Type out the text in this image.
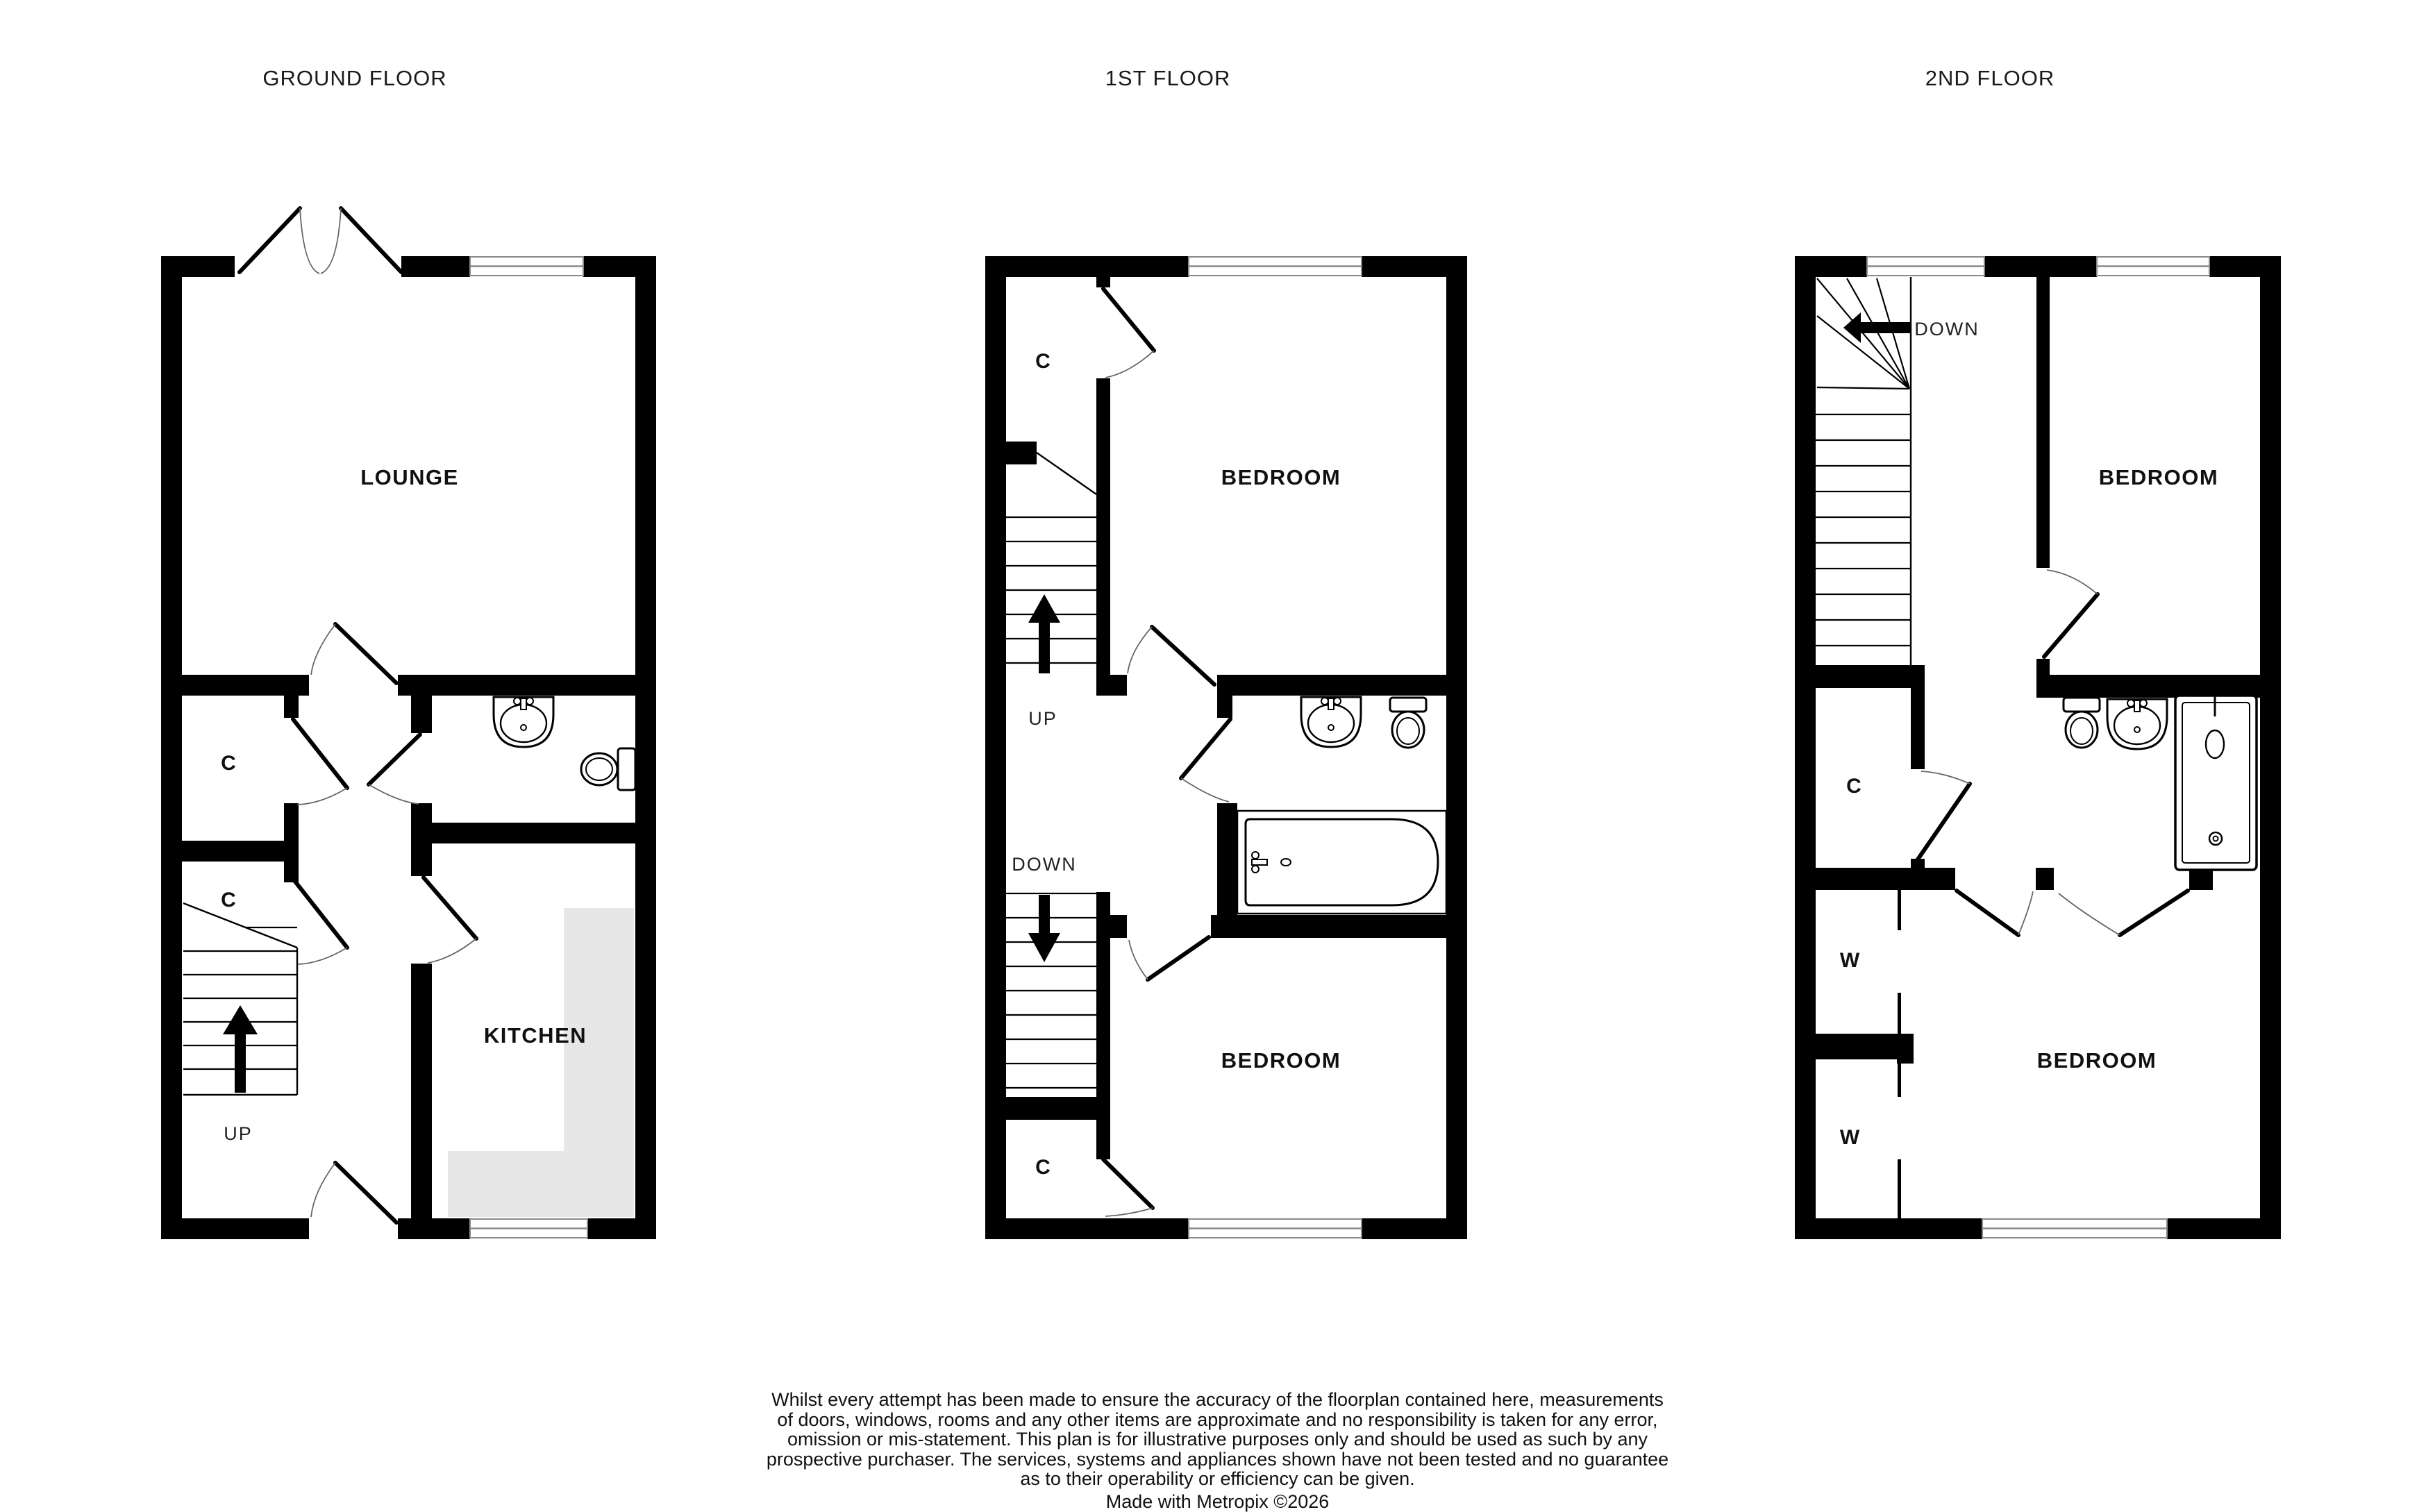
GROUND FLOOR	1ST FLOOR	2ND FLOOR
LOUNGE
C
C
UP
KITCHEN
C
BEDROOM
UP
DOWN
BEDROOM
C
DOWN
BEDROOM
C
W
W
BEDROOM
Whilst every attempt has been made to ensure the accuracy of the floorplan contained here, measurements
of doors, windows, rooms and any other items are approximate and no responsibility is taken for any error,
omission or mis-statement. This plan is for illustrative purposes only and should be used as such by any
prospective purchaser. The services, systems and appliances shown have not been tested and no guarantee
as to their operability or efficiency can be given.
Made with Metropix ©2026
